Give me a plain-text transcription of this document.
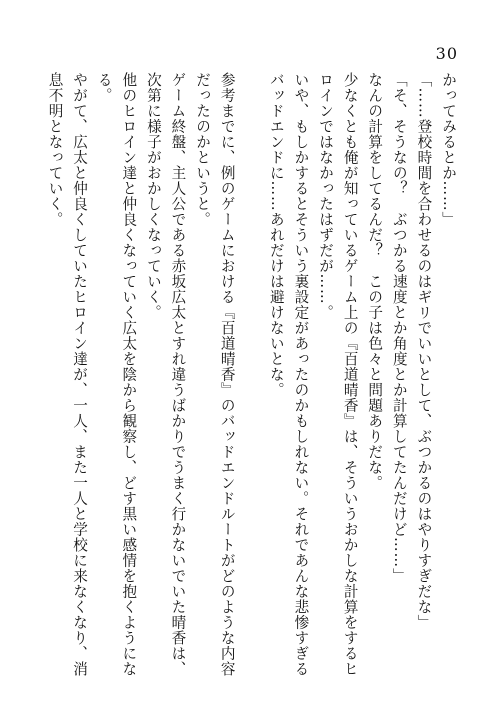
30
かってみるとか……」
「……登校時間を合わせるのはギリでいいとして、ぶつかるのはやりすぎだな」
「そ、そうなの？　ぶつかる速度とか角度とか計算してたんだけど……」
なんの計算をしてるんだ？　この子は色々と問題ありだな。
少なくとも俺が知っているゲーム上の『百道晴香』は、そういうおかしな計算をするヒ
ロインではなかったはずだが……。
いや、もしかするとそういう裏設定があったのかもしれない。それであんな悲惨すぎる
バッドエンドに……あれだけは避けないとな。
参考までに、例のゲームにおける『百道晴香』のバッドエンドルートがどのような内容
だったのかというと。
ゲーム終盤、主人公である赤坂広太とすれ違うばかりでうまく行かないでいた晴香は、
次第に様子がおかしくなっていく。
他のヒロイン達と仲良くなっていく広太を陰から観察し、どす黒い感情を抱くようにな
る。
やがて、広太と仲良くしていたヒロイン達が、一人、また一人と学校に来なくなり、消
息不明となっていく。
